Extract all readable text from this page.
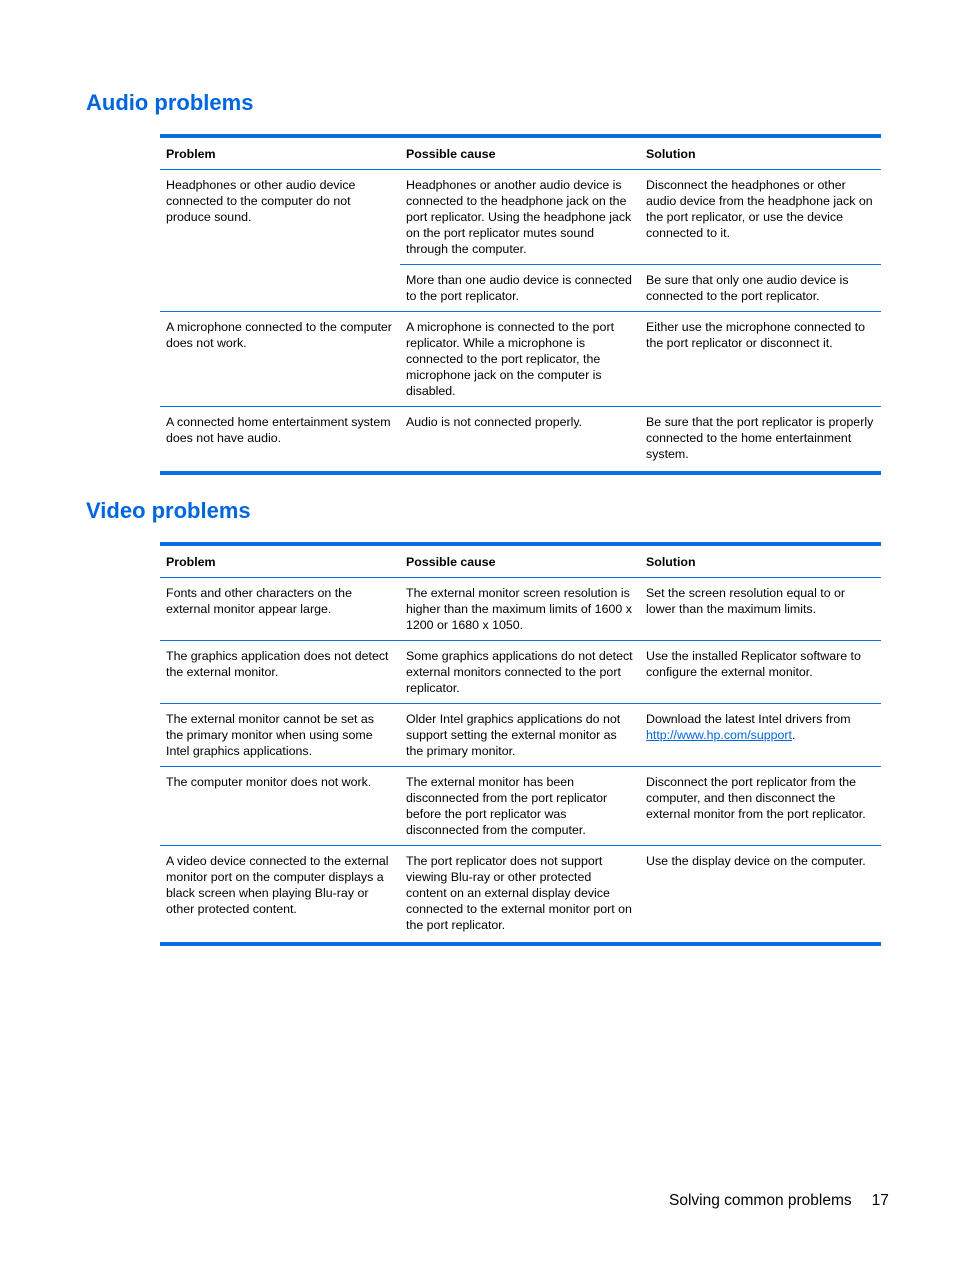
Audio problems
Problem	Possible cause	Solution
Headphones or other audio device connected to the computer do not produce sound.	Headphones or another audio device is connected to the headphone jack on the port replicator. Using the headphone jack on the port replicator mutes sound through the computer.	Disconnect the headphones or other audio device from the headphone jack on the port replicator, or use the device connected to it.
	More than one audio device is connected to the port replicator.	Be sure that only one audio device is connected to the port replicator.
A microphone connected to the computer does not work.	A microphone is connected to the port replicator. While a microphone is connected to the port replicator, the microphone jack on the computer is disabled.	Either use the microphone connected to the port replicator or disconnect it.
A connected home entertainment system does not have audio.	Audio is not connected properly.	Be sure that the port replicator is properly connected to the home entertainment system.
Video problems
Problem	Possible cause	Solution
Fonts and other characters on the external monitor appear large.	The external monitor screen resolution is higher than the maximum limits of 1600 x 1200 or 1680 x 1050.	Set the screen resolution equal to or lower than the maximum limits.
The graphics application does not detect the external monitor.	Some graphics applications do not detect external monitors connected to the port replicator.	Use the installed Replicator software to configure the external monitor.
The external monitor cannot be set as the primary monitor when using some Intel graphics applications.	Older Intel graphics applications do not support setting the external monitor as the primary monitor.	Download the latest Intel drivers from http://www.hp.com/support.
The computer monitor does not work.	The external monitor has been disconnected from the port replicator before the port replicator was disconnected from the computer.	Disconnect the port replicator from the computer, and then disconnect the external monitor from the port replicator.
A video device connected to the external monitor port on the computer displays a black screen when playing Blu-ray or other protected content.	The port replicator does not support viewing Blu-ray or other protected content on an external display device connected to the external monitor port on the port replicator.	Use the display device on the computer.
Solving common problems 17
